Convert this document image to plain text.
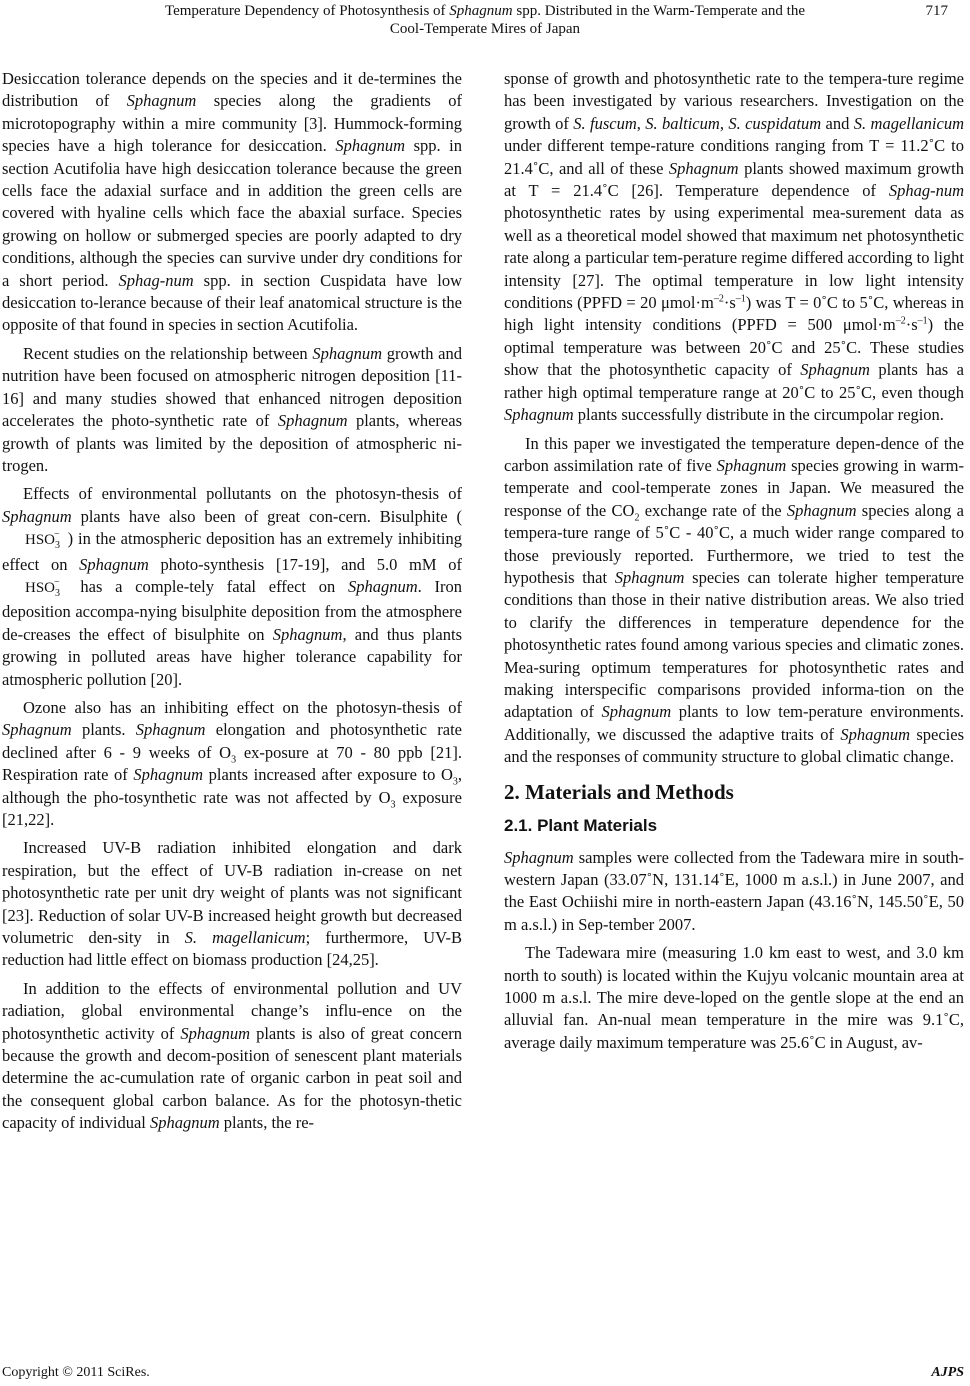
Temperature Dependency of Photosynthesis of Sphagnum spp. Distributed in the Warm-Temperate and the
Cool-Temperate Mires of Japan
717

Desiccation tolerance depends on the species and it de-termines the distribution of Sphagnum species along the gradients of microtopography within a mire community [3]. Hummock-forming species have a high tolerance for desiccation. Sphagnum spp. in section Acutifolia have high desiccation tolerance because the green cells face the adaxial surface and in addition the green cells are covered with hyaline cells which face the abaxial surface. Species growing on hollow or submerged species are poorly adapted to dry conditions, although the species can survive under dry conditions for a short period. Sphag-num spp. in section Cuspidata have low desiccation to-lerance because of their leaf anatomical structure is the opposite of that found in species in section Acutifolia.

Recent studies on the relationship between Sphagnum growth and nutrition have been focused on atmospheric nitrogen deposition [11-16] and many studies showed that enhanced nitrogen deposition accelerates the photo-synthetic rate of Sphagnum plants, whereas growth of plants was limited by the deposition of atmospheric ni-trogen.

Effects of environmental pollutants on the photosyn-thesis of Sphagnum plants have also been of great con-cern. Bisulphite ($HSO_3^-$ ) in the atmospheric deposition has an extremely inhibiting effect on Sphagnum photo-synthesis [17-19], and 5.0 mM of $HSO_3^-$ has a comple-tely fatal effect on Sphagnum. Iron deposition accompa-nying bisulphite deposition from the atmosphere de-creases the effect of bisulphite on Sphagnum, and thus plants growing in polluted areas have higher tolerance capability for atmospheric pollution [20].

Ozone also has an inhibiting effect on the photosyn-thesis of Sphagnum plants. Sphagnum elongation and photosynthetic rate declined after 6 - 9 weeks of $O_3$ ex-posure at 70 - 80 ppb [21]. Respiration rate of Sphagnum plants increased after exposure to $O_3$, although the pho-tosynthetic rate was not affected by $O_3$ exposure [21,22].

Increased UV-B radiation inhibited elongation and dark respiration, but the effect of UV-B radiation in-crease on net photosynthetic rate per unit dry weight of plants was not significant [23]. Reduction of solar UV-B increased height growth but decreased volumetric den-sity in S. magellanicum; furthermore, UV-B reduction had little effect on biomass production [24,25].

In addition to the effects of environmental pollution and UV radiation, global environmental change’s influ-ence on the photosynthetic activity of Sphagnum plants is also of great concern because the growth and decom-position of senescent plant materials determine the ac-cumulation rate of organic carbon in peat soil and the consequent global carbon balance. As for the photosyn-thetic capacity of individual Sphagnum plants, the re-

sponse of growth and photosynthetic rate to the tempera-ture regime has been investigated by various researchers. Investigation on the growth of S. fuscum, S. balticum, S. cuspidatum and S. magellanicum under different tempe-rature conditions ranging from T = 11.2˚C to 21.4˚C, and all of these Sphagnum plants showed maximum growth at T = 21.4˚C [26]. Temperature dependence of Sphag-num photosynthetic rates by using experimental mea-surement data as well as a theoretical model showed that maximum net photosynthetic rate along a particular tem-perature regime differed according to light intensity [27]. The optimal temperature in low light intensity conditions (PPFD = 20 $\mu mol\cdot m^{-2}\cdot s^{-1}$) was T = 0˚C to 5˚C, whereas in high light intensity conditions (PPFD = 500 $\mu mol\cdot m^{-2}\cdot s^{-1}$) the optimal temperature was between 20˚C and 25˚C. These studies show that the photosynthetic capacity of Sphagnum plants has a rather high optimal temperature range at 20˚C to 25˚C, even though Sphagnum plants successfully distribute in the circumpolar region.

In this paper we investigated the temperature depen-dence of the carbon assimilation rate of five Sphagnum species growing in warm-temperate and cool-temperate zones in Japan. We measured the response of the $CO_2$ exchange rate of the Sphagnum species along a tempera-ture range of 5˚C - 40˚C, a much wider range compared to those previously reported. Furthermore, we tried to test the hypothesis that Sphagnum species can tolerate higher temperature conditions than those in their native distribution areas. We also tried to clarify the differences in temperature dependence for the photosynthetic rates found among various species and climatic zones. Mea-suring optimum temperatures for photosynthetic rates and making interspecific comparisons provided informa-tion on the adaptation of Sphagnum plants to low tem-perature environments. Additionally, we discussed the adaptive traits of Sphagnum species and the responses of community structure to global climatic change.

2. Materials and Methods
2.1. Plant Materials

Sphagnum samples were collected from the Tadewara mire in south-western Japan (33.07˚N, 131.14˚E, 1000 m a.s.l.) in June 2007, and the East Ochiishi mire in north-eastern Japan (43.16˚N, 145.50˚E, 50 m a.s.l.) in Sep-tember 2007.

The Tadewara mire (measuring 1.0 km east to west, and 3.0 km north to south) is located within the Kujyu volcanic mountain area at 1000 m a.s.l. The mire deve-loped on the gentle slope at the end an alluvial fan. An-nual mean temperature in the mire was 9.1˚C, average daily maximum temperature was 25.6˚C in August, av-

Copyright © 2011 SciRes.	AJPS
